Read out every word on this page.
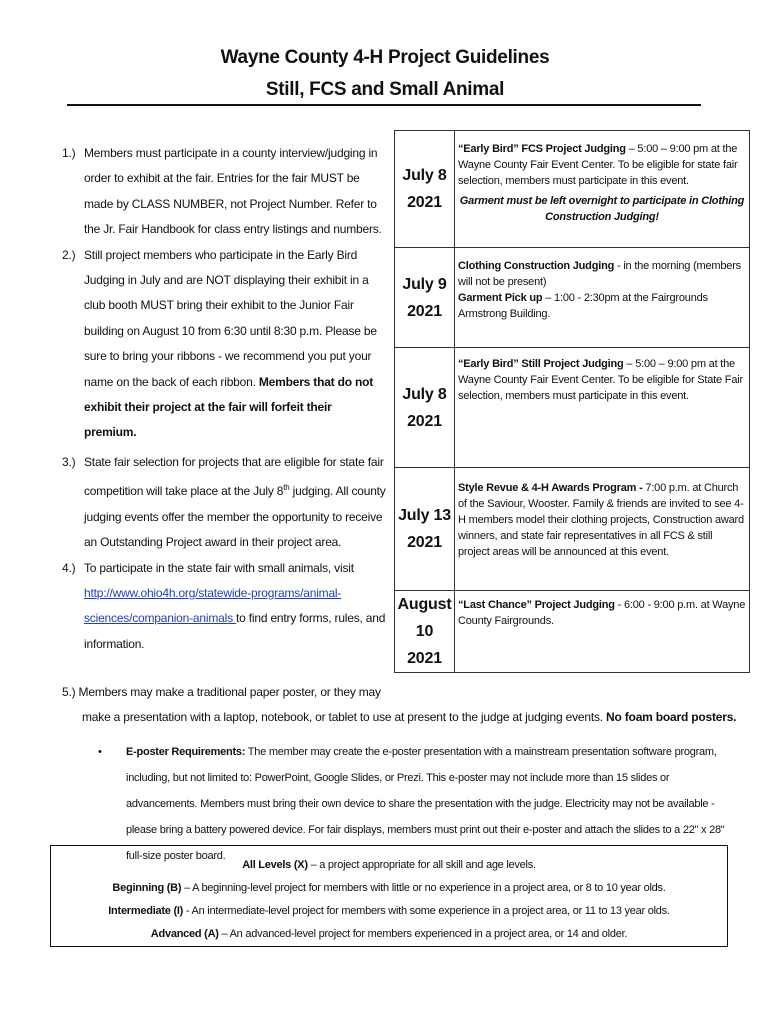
Wayne County 4-H Project Guidelines
Still, FCS and Small Animal
1.) Members must participate in a county interview/judging in order to exhibit at the fair. Entries for the fair MUST be made by CLASS NUMBER, not Project Number. Refer to the Jr. Fair Handbook for class entry listings and numbers.
2.) Still project members who participate in the Early Bird Judging in July and are NOT displaying their exhibit in a club booth MUST bring their exhibit to the Junior Fair building on August 10 from 6:30 until 8:30 p.m. Please be sure to bring your ribbons - we recommend you put your name on the back of each ribbon. Members that do not exhibit their project at the fair will forfeit their premium.
3.) State fair selection for projects that are eligible for state fair competition will take place at the July 8th judging. All county judging events offer the member the opportunity to receive an Outstanding Project award in their project area.
4.) To participate in the state fair with small animals, visit http://www.ohio4h.org/statewide-programs/animal-sciences/companion-animals to find entry forms, rules, and information.
July 8
2021	“Early Bird” FCS Project Judging – 5:00 – 9:00 pm at the Wayne County Fair Event Center. To be eligible for state fair selection, members must participate in this event.
Garment must be left overnight to participate in Clothing Construction Judging!

July 9
2021	Clothing Construction Judging - in the morning (members will not be present)
Garment Pick up – 1:00 - 2:30pm at the Fairgrounds Armstrong Building.
July 8
2021	“Early Bird” Still Project Judging – 5:00 – 9:00 pm at the Wayne County Fair Event Center. To be eligible for State Fair selection, members must participate in this event.
July 13
2021	Style Revue & 4-H Awards Program - 7:00 p.m. at Church of the Saviour, Wooster. Family & friends are invited to see 4-H members model their clothing projects, Construction award winners, and state fair representatives in all FCS & still project areas will be announced at this event.
August 10
2021	“Last Chance” Project Judging - 6:00 - 9:00 p.m. at Wayne County Fairgrounds.
5.) Members may make a traditional paper poster, or they may
make a presentation with a laptop, notebook, or tablet to use at present to the judge at judging events. No foam board posters.
•	E-poster Requirements: The member may create the e-poster presentation with a mainstream presentation software program, including, but not limited to: PowerPoint, Google Slides, or Prezi. This e-poster may not include more than 15 slides or advancements. Members must bring their own device to share the presentation with the judge. Electricity may not be available - please bring a battery powered device. For fair displays, members must print out their e-poster and attach the slides to a 22" x 28" full-size poster board.
All Levels (X) – a project appropriate for all skill and age levels.
Beginning (B) – A beginning-level project for members with little or no experience in a project area, or 8 to 10 year olds.
Intermediate (I) - An intermediate-level project for members with some experience in a project area, or 11 to 13 year olds.
Advanced (A) – An advanced-level project for members experienced in a project area, or 14 and older.
